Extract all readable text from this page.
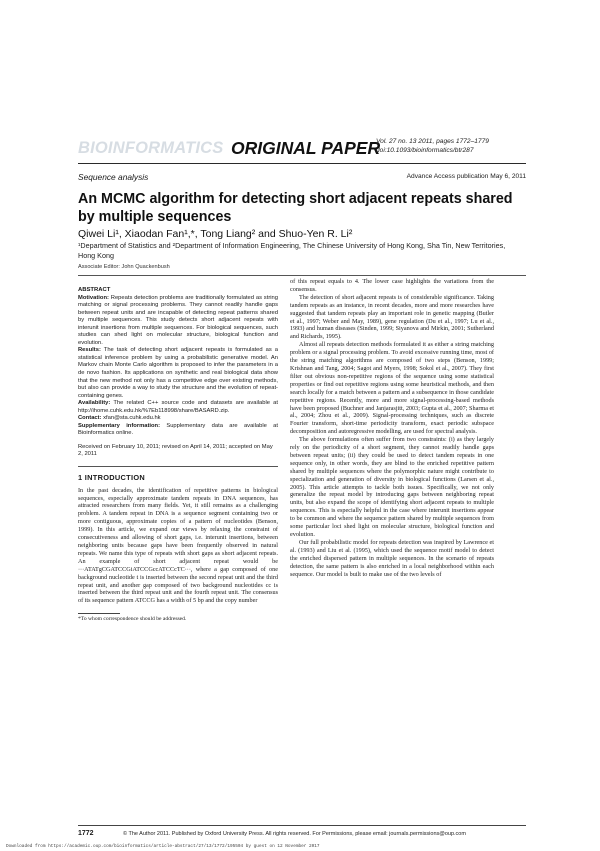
BIOINFORMATICS ORIGINAL PAPER
Vol. 27 no. 13 2011, pages 1772–1779
doi:10.1093/bioinformatics/btr287
Sequence analysis	Advance Access publication May 6, 2011
An MCMC algorithm for detecting short adjacent repeats shared by multiple sequences
Qiwei Li¹, Xiaodan Fan¹,*, Tong Liang² and Shuo-Yen R. Li²
¹Department of Statistics and ²Department of Information Engineering, The Chinese University of Hong Kong, Sha Tin, New Territories, Hong Kong
Associate Editor: John Quackenbush

ABSTRACT

Motivation: Repeats detection problems are traditionally formulated as string matching or signal processing problems. They cannot readily handle gaps between repeat units and are incapable of detecting repeat patterns shared by multiple sequences. This study detects short adjacent repeats with interunit insertions from multiple sequences. For biological sequences, such studies can shed light on molecular structure, biological function and evolution.

Results: The task of detecting short adjacent repeats is formulated as a statistical inference problem by using a probabilistic generative model. An Markov chain Monte Carlo algorithm is proposed to infer the parameters in a de novo fashion. Its applications on synthetic and real biological data show that the new method not only has a competitive edge over existing methods, but also can provide a way to study the structure and the evolution of repeat-containing genes.

Availability: The related C++ source code and datasets are available at http://ihome.cuhk.edu.hk/%7Eb118998/share/BASARD.zip.

Contact: xfan@sta.cuhk.edu.hk

Supplementary information: Supplementary data are available at Bioinformatics online.

Received on February 10, 2011; revised on April 14, 2011; accepted on May 2, 2011
1 INTRODUCTION

In the past decades, the identification of repetitive patterns in biological sequences, especially approximate tandem repeats in DNA sequences, has attracted researchers from many fields. Yet, it still remains as a challenging problem. A tandem repeat in DNA is a sequence segment containing two or more contiguous, approximate copies of a pattern of nucleotides (Benson, 1999). In this article, we expand our views by relaxing the constraint of consecutiveness and allowing of short gaps, i.e. interunit insertions, between neighboring units because gaps have been frequently observed in natural repeats. We name this type of repeats with short gaps as short adjacent repeats. An example of short adjacent repeat would be ···ATATgCGATCCGiATCCGccATCCcTC···, where a gap composed of one background nucleotide t is inserted between the second repeat unit and the third repeat unit, and another gap composed of two background nucleotides cc is inserted between the third repeat unit and the fourth repeat unit. The consensus of its sequence pattern ATCCG has a width of 5 bp and the copy number

*To whom correspondence should be addressed.

of this repeat equals to 4. The lower case highlights the variations from the consensus.

The detection of short adjacent repeats is of considerable significance. Taking tandem repeats as an instance, in recent decades, more and more researches have suggested that tandem repeats play an important role in genetic mapping (Butler et al., 1997; Weber and May, 1989), gene regulation (Du et al., 1997; Lu et al., 1993) and human diseases (Sinden, 1999; Siyanova and Mirkin, 2001; Sutherland and Richards, 1995).

Almost all repeats detection methods formulated it as either a string matching problem or a signal processing problem. To avoid excessive running time, most of the string matching algorithms are composed of two steps (Benson, 1999; Krishnan and Tang, 2004; Sagot and Myers, 1998; Sokol et al., 2007). They first filter out obvious non-repetitive regions of the sequence using some statistical properties or find out repetitive regions using some heuristical methods, and then search locally for a match between a pattern and a subsequence in those candidate repetitive regions. Recently, more and more signal-processing-based methods have been proposed (Buchner and Janjarasjitt, 2003; Gupta et al., 2007; Sharma et al., 2004; Zhou et al., 2009). Signal-processing techniques, such as discrete Fourier transform, short-time periodicity transform, exact periodic subspace decomposition and autoregressive modelling, are used for spectral analysis.

The above formulations often suffer from two constraints: (i) as they largely rely on the periodicity of a short segment, they cannot readily handle gaps between repeat units; (ii) they could be used to detect tandem repeats in one sequence only, in other words, they are blind to the enriched repetitive pattern shared by multiple sequences where the polymorphic nature might contribute to specialization and generation of diversity in biological functions (Larsen et al., 2005). This article attempts to tackle both issues. Specifically, we not only generalize the repeat model by introducing gaps between neighboring repeat units, but also expand the scope of identifying short adjacent repeats to multiple sequences. This is especially helpful in the case where interunit insertions appear to be common and where the sequence pattern shared by multiple sequences from some particular loci shed light on molecular structure, biological function and evolution.

Our full probabilistic model for repeats detection was inspired by Lawrence et al. (1993) and Liu et al. (1995), which used the sequence motif model to detect the enriched dispersed pattern in multiple sequences. In the scenario of repeats detection, the same pattern is also enriched in a local neighborhood within each sequence. Our model is built to make use of the two levels of

1772	© The Author 2011. Published by Oxford University Press. All rights reserved. For Permissions, please email: journals.permissions@oup.com
Downloaded from https://academic.oup.com/bioinformatics/article-abstract/27/13/1772/195504 by guest on 12 November 2017
